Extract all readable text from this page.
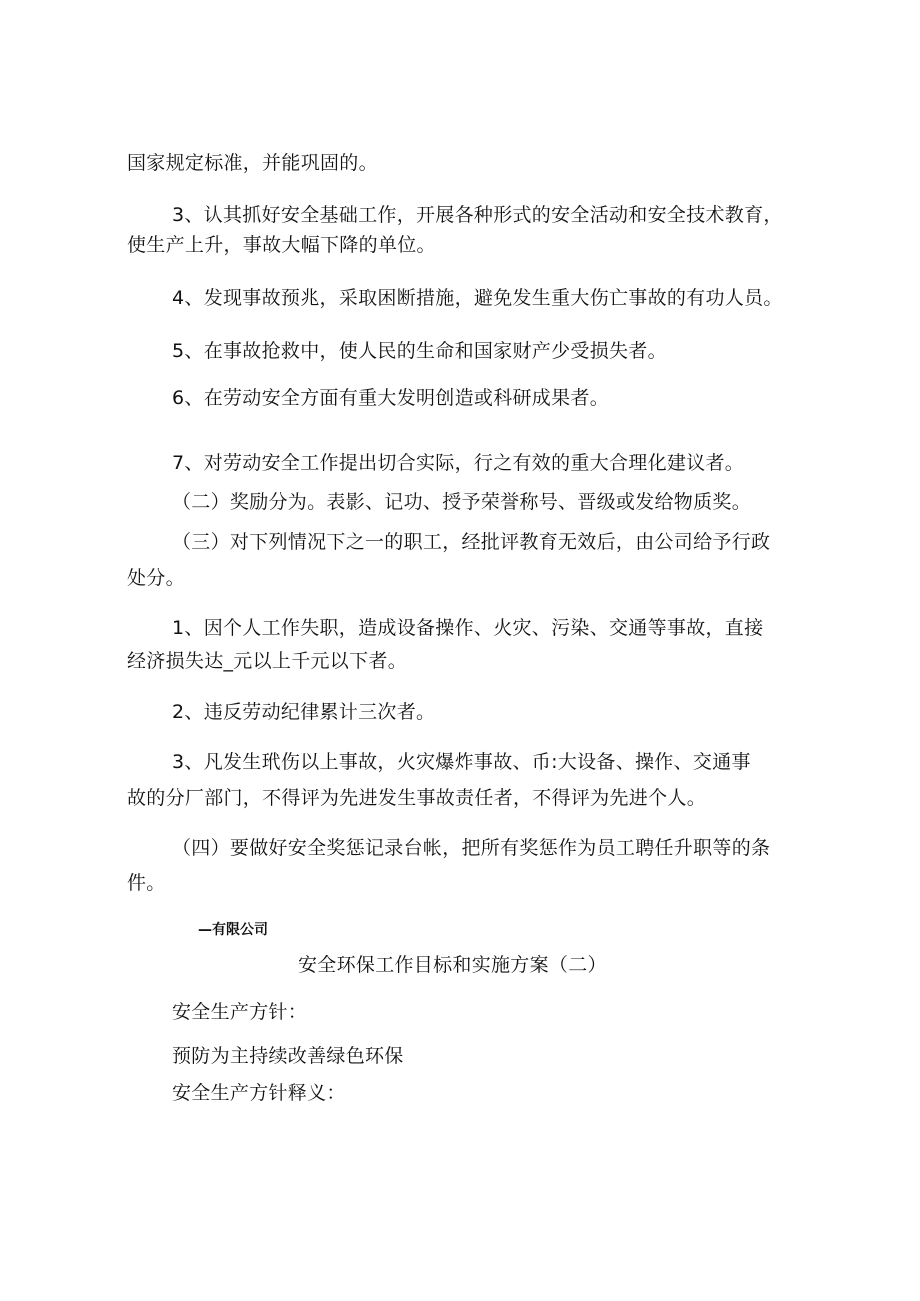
国家规定标准，并能巩固的。

3、认其抓好安全基础工作，开展各种形式的安全活动和安全技术教育，

使生产上升，事故大幅下降的单位。

4、发现事故预兆，采取困断措施，避免发生重大伤亡事故的有功人员。

5、在事故抢救中，使人民的生命和国家财产少受损失者。

6、在劳动安全方面有重大发明创造或科研成果者。

7、对劳动安全工作提出切合实际，行之有效的重大合理化建议者。

（二）奖励分为。表影、记功、授予荣誉称号、晋级或发给物质奖。

（三）对下列情况下之一的职工，经批评教育无效后，由公司给予行政

处分。

1、因个人工作失职，造成设备操作、火灾、污染、交通等事故，直接

经济损失达_元以上千元以下者。

2、违反劳动纪律累计三次者。

3、凡发生玳伤以上事故，火灾爆炸事故、币:大设备、操作、交通事

故的分厂部门，不得评为先进发生事故责任者，不得评为先进个人。

（四）要做好安全奖惩记录台帐，把所有奖惩作为员工聘任升职等的条

件。

—有限公司

安全环保工作目标和实施方案（二）

安全生产方针：

预防为主持续改善绿色环保

安全生产方针释义：
